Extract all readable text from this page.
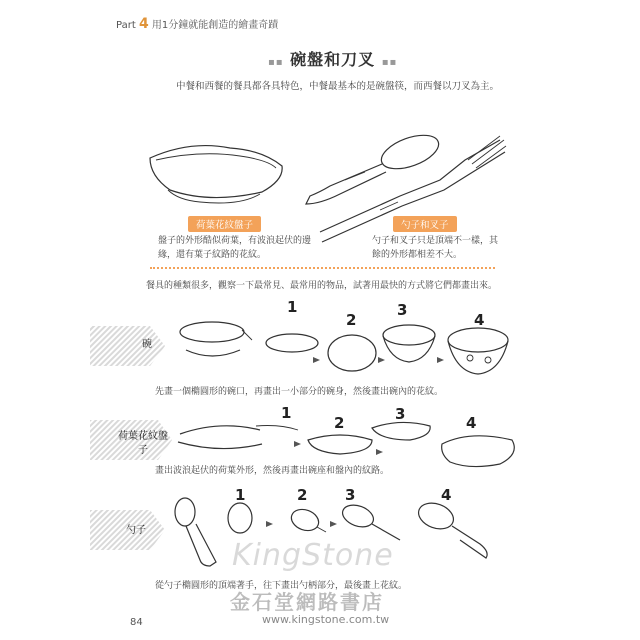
Part 4 用1分鐘就能創造的繪畫奇蹟
▪▪ 碗盤和刀叉 ▪▪
中餐和西餐的餐具都各具特色，中餐最基本的是碗盤筷，而西餐以刀叉為主。
荷葉花紋盤子	勺子和叉子
盤子的外形酷似荷葉，有波浪起伏的邊緣，還有葉子紋路的花紋。
勺子和叉子只是頂端不一樣，其餘的外形都相差不大。
餐具的種類很多，觀察一下最常見、最常用的物品，試著用最快的方式將它們都畫出來。
碗
1
2
3
4
先畫一個橢圓形的碗口，再畫出一小部分的碗身，然後畫出碗內的花紋。
荷葉花紋盤子
1
2	3	4
畫出波浪起伏的荷葉外形，然後再畫出碗座和盤內的紋路。
勺子
1	2	3	4
從勺子橢圓形的頂端著手，往下畫出勺柄部分，最後畫上花紋。
KingStone
金石堂網路書店
www.kingstone.com.tw
84
